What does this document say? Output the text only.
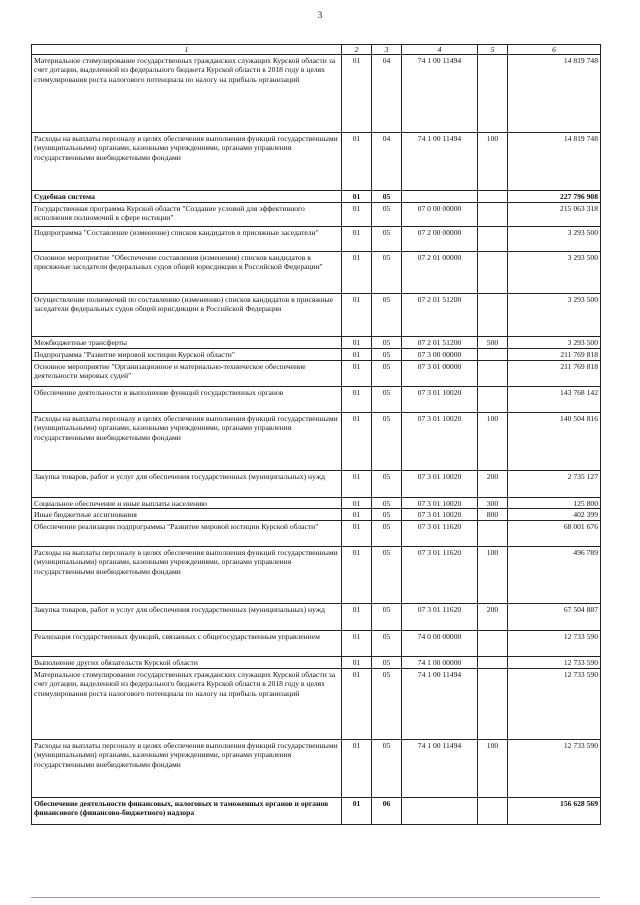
3
1	2	3	4	5	6
Материальное стимулирование государственных гражданских служащих Курской области за счет дотации, выделенной из федерального бюджета Курской области в 2018 году в целях стимулирования роста налогового потенциала по налогу на прибыль организаций	01	04	74 1 00 11494		14 819 748
Расходы на выплаты персоналу в целях обеспечения выполнения функций государственными (муниципальными) органами, казенными учреждениями, органами управления государственными внебюджетными фондами	01	04	74 1 00 11494	100	14 819 748
Судебная система	01	05			227 796 908
Государственная программа Курской области "Создание условий для эффективного исполнения полномочий в сфере юстиции"	01	05	07 0 00 00000		215 063 318
Подпрограмма "Составление (изменение) списков кандидатов в присяжные заседатели"	01	05	07 2 00 00000		3 293 500
Основное мероприятие "Обеспечение составления (изменения) списков кандидатов в присяжные заседатели федеральных судов общей юрисдикции в Российской Федерации"	01	05	07 2 01 00000		3 293 500
Осуществление полномочий по составлению (изменению) списков кандидатов в присяжные заседатели федеральных судов общей юрисдикции в Российской Федерации	01	05	07 2 01 51200		3 293 500
Межбюджетные трансферты	01	05	07 2 01 51200	500	3 293 500
Подпрограмма "Развитие мировой юстиции Курской области"	01	05	07 3 00 00000		211 769 818
Основное мероприятие "Организационное и материально-техническое обеспечение деятельности мировых судей"	01	05	07 3 01 00000		211 769 818
Обеспечение деятельности и выполнение функций государственных органов	01	05	07 3 01 10020		143 768 142
Расходы на выплаты персоналу в целях обеспечения выполнения функций государственными (муниципальными) органами, казенными учреждениями, органами управления государственными внебюджетными фондами	01	05	07 3 01 10020	100	140 504 816
Закупка товаров, работ и услуг для обеспечения государственных (муниципальных) нужд	01	05	07 3 01 10020	200	2 735 127
Социальное обеспечение и иные выплаты населению	01	05	07 3 01 10020	300	125 800
Иные бюджетные ассигнования	01	05	07 3 01 10020	800	402 399
Обеспечение реализации подпрограммы "Развитие мировой юстиции Курской области"	01	05	07 3 01 11620		68 001 676
Расходы на выплаты персоналу в целях обеспечения выполнения функций государственными (муниципальными) органами, казенными учреждениями, органами управления государственными внебюджетными фондами	01	05	07 3 01 11620	100	496 789
Закупка товаров, работ и услуг для обеспечения государственных (муниципальных) нужд	01	05	07 3 01 11620	200	67 504 887
Реализация государственных функций, связанных с общегосударственным управлением	01	05	74 0 00 00000		12 733 590
Выполнение других обязательств Курской области	01	05	74 1 00 00000		12 733 590
Материальное стимулирование государственных гражданских служащих Курской области за счет дотации, выделенной из федерального бюджета Курской области в 2018 году в целях стимулирования роста налогового потенциала по налогу на прибыль организаций	01	05	74 1 00 11494		12 733 590
Расходы на выплаты персоналу в целях обеспечения выполнения функций государственными (муниципальными) органами, казенными учреждениями, органами управления государственными внебюджетными фондами	01	05	74 1 00 11494	100	12 733 590
Обеспечение деятельности финансовых, налоговых и таможенных органов и органов финансового (финансово-бюджетного) надзора	01	06			156 628 569
